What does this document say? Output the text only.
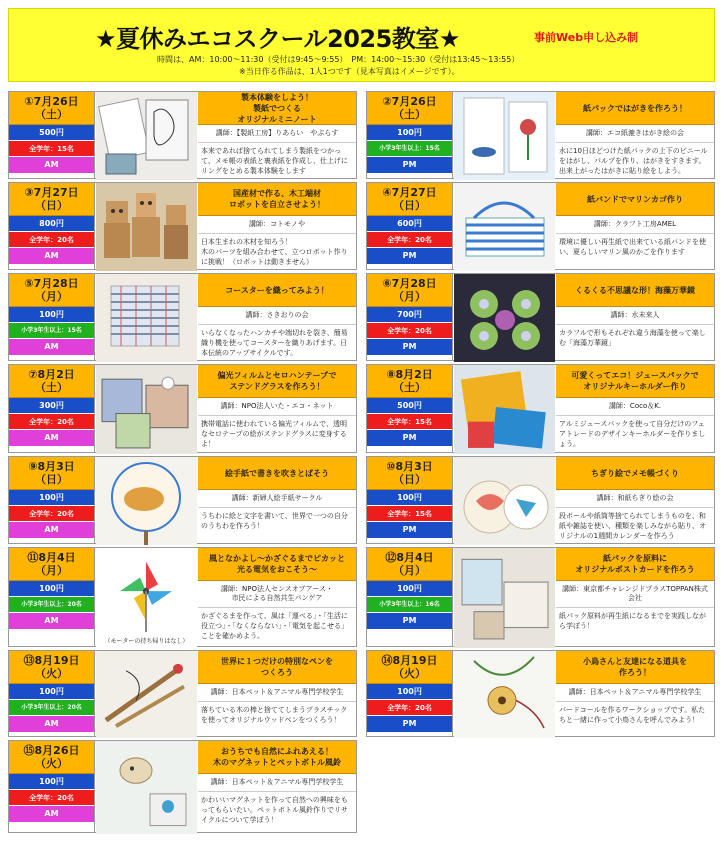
★夏休みエコスクール2025教室★	事前Web申し込み制
時間は、AM：10:00～11:30（受付は9:45～9:55）　PM：14:00～15:30（受付は13:45～13:55）
※当日作る作品は、1人1つです（見本写真はイメージです）。
①7月26日
（土）
500円
全学年：15名
AM
製本体験をしよう！
製紙でつくる
オリジナルミニノート
講師：【製紙工房】りあらい　やぷらす
本来であれば捨てられてしまう製紙をつかって、メモ帳の表紙と裏表紙を作成し、仕上げにリングをとめる製本体験をします
②7月26日
（土）
100円
小学3年生以上：15名
PM
紙パックではがきを作ろう！
講師：エコ紙漉きはがき絵の会
水に10日ほどつけた紙パックの上下のビニールをはがし、パルプを作り、はがきをすきます。出来上がったはがきに貼り絵をしよう。
③7月27日
（日）
800円
全学年：20名
AM
国産材で作る、木工端材
ロボットを自立させよう！
講師：コトモノや
日本生まれの木材を知ろう！
木のパーツを組み合わせて、立つロボット作りに挑戦！（ロボットは動きません）
④7月27日
（日）
600円
全学年：20名
PM
紙バンドでマリンカゴ作り
講師：クラフト工房AMEL
環境に優しい再生紙で出来ている紙バンドを使い、夏らしいマリン風のかごを作ります
⑤7月28日
（月）
100円
小学3年生以上：15名
AM
コースターを織ってみよう！
講師：さきおりの会
いらなくなったハンカチや端切れを裂き、簡易織り機を使ってコースターを織りあげます。日本伝統のアップサイクルです。
⑥7月28日
（月）
700円
全学年：20名
PM
くるくる不思議な形！海藻万華鏡
講師：水未来人
カラフルで形もそれぞれ違う海藻を使って楽しむ「海藻万華鏡」
⑦8月2日
（土）
300円
全学年：20名
AM
偏光フィルムとセロハンテープで
ステンドグラスを作ろう！
講師：NPO法人いた・エコ・ネット
携帯電話に使われている偏光フィルムで、透明なセロテープの絵がステンドグラスに変身するよ！
⑧8月2日
（土）
500円
全学年：15名
PM
可愛くってエコ！ジュースパックで
オリジナルキーホルダー作り
講師：Coco＆K.
アルミジュースパックを使って自分だけのフェアトレードのデザインキーホルダーを作りましょう。
⑨8月3日
（日）
100円
全学年：20名
AM
絵手紙で書きを吹きとばそう
講師：新婦人絵手紙サークル
うちわに絵と文字を書いて、世界で一つの自分のうちわを作ろう！
⑩8月3日
（日）
100円
全学年：15名
PM
ちぎり絵でメモ帳づくり
講師：和紙ちぎり絵の会
段ボールや紙筒等捨てられてしまうものを、和紙や雑誌を使い、種類を楽しみながら貼り、オリジナルの1週間カレンダーを作ろう
⑪8月4日
（月）
100円
小学3年生以上：20名
AM
（モーターの持ち帰りはなし）
風となかよし～かざぐるまでピカッと
光る電気をおこそう～
講師：NPO法人センスオブアース・
市民による自然共生パンゲア
かざぐるまを作って、風は「運べる」・「生活に役立つ」・「なくならない」・「電気を起こせる」ことを確かめよう。
⑫8月4日
（月）
100円
小学3年生以上：16名
PM
紙パックを原料に
オリジナルポストカードを作ろう
講師：東京都チャレンジドプラスTOPPAN株式会社
紙パック原料が再生紙になるまでを実践しながら学ぼう！
⑬8月19日
（火）
100円
小学3年生以上：20名
AM
世界に１つだけの特別なペンを
つくろう
講師：日本ペット＆アニマル専門学校学生
落ちている木の棒と捨ててしまうプラスチックを使ってオリジナルウッドペンをつくろう！
⑭8月19日
（火）
100円
全学年：20名
PM
小鳥さんと友達になる道具を
作ろう！
講師：日本ペット＆アニマル専門学校学生
バードコールを作るワークショップです。私たちと一緒に作って小鳥さんを呼んでみよう！
⑮8月26日
（火）
100円
全学年：20名
AM
おうちでも自然にふれあえる！
木のマグネットとペットボトル風鈴
講師：日本ペット＆アニマル専門学校学生
かわいいマグネットを作って自然への興味をもってもらいたい。ペットボトル風鈴作りでリサイクルについて学ぼう！
